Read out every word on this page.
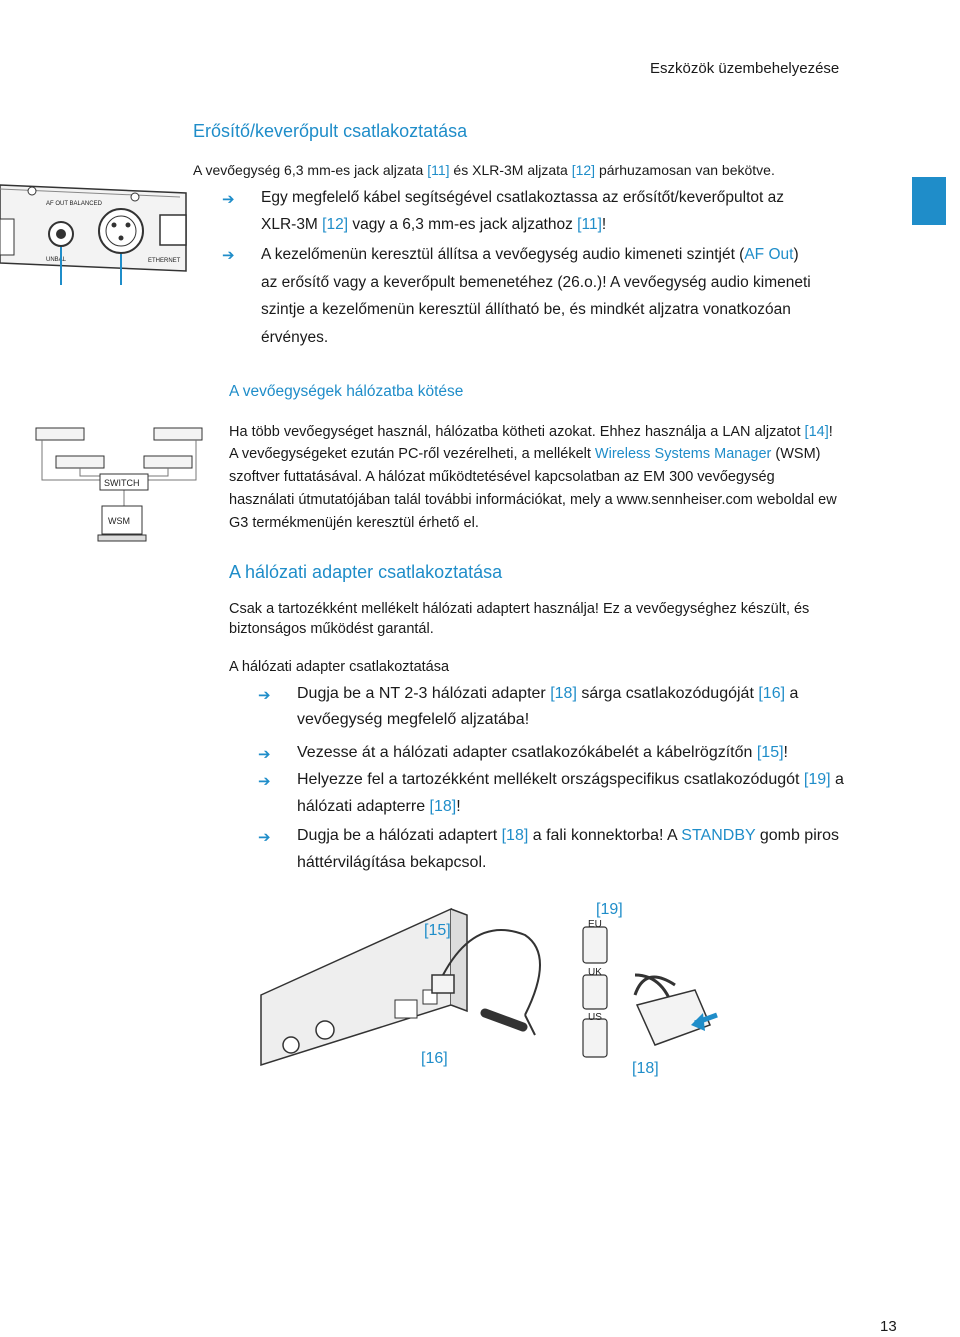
Eszközök üzembehelyezése
Erősítő/keverőpult csatlakoztatása
A vevőegység 6,3 mm-es jack aljzata [11] és XLR-3M aljzata [12] párhuzamosan van bekötve.
AF OUT BALANCED
UNBAL	ETHERNET
➔ Egy megfelelő kábel segítségével csatlakoztassa az erősítőt/keverőpultot az
XLR-3M [12] vagy a 6,3 mm-es jack aljzathoz [11]!
➔ A kezelőmenün keresztül állítsa a vevőegység audio kimeneti szintjét (AF Out)
az erősítő vagy a keverőpult bemenetéhez (26.o.)! A vevőegység audio kimeneti
szintje a kezelőmenün keresztül állítható be, és mindkét aljzatra vonatkozóan
érvényes.
A vevőegységek hálózatba kötése
SWITCH
WSM
Ha több vevőegységet használ, hálózatba kötheti azokat. Ehhez használja a LAN aljzatot [14]!
A vevőegységeket ezután PC-ről vezérelheti, a mellékelt Wireless Systems Manager (WSM)
szoftver futtatásával. A hálózat működtetésével kapcsolatban az EM 300 vevőegység
használati útmutatójában talál további információkat, mely a www.sennheiser.com weboldal ew
G3 termékmenüjén keresztül érhető el.
A hálózati adapter csatlakoztatása
Csak a tartozékként mellékelt hálózati adaptert használja! Ez a vevőegységhez készült, és
biztonságos működést garantál.
A hálózati adapter csatlakoztatása
➔ Dugja be a NT 2-3 hálózati adapter [18] sárga csatlakozódugóját [16] a
vevőegység megfelelő aljzatába!
➔ Vezesse át a hálózati adapter csatlakozókábelét a kábelrögzítőn [15]!
➔ Helyezze fel a tartozékként mellékelt országspecifikus csatlakozódugót [19] a
hálózati adapterre [18]!
➔ Dugja be a hálózati adaptert [18] a fali konnektorba! A STANDBY gomb piros
háttérvilágítása bekapcsol.
EU
UK
US
[15]
[19]
[16]
[18]
13
